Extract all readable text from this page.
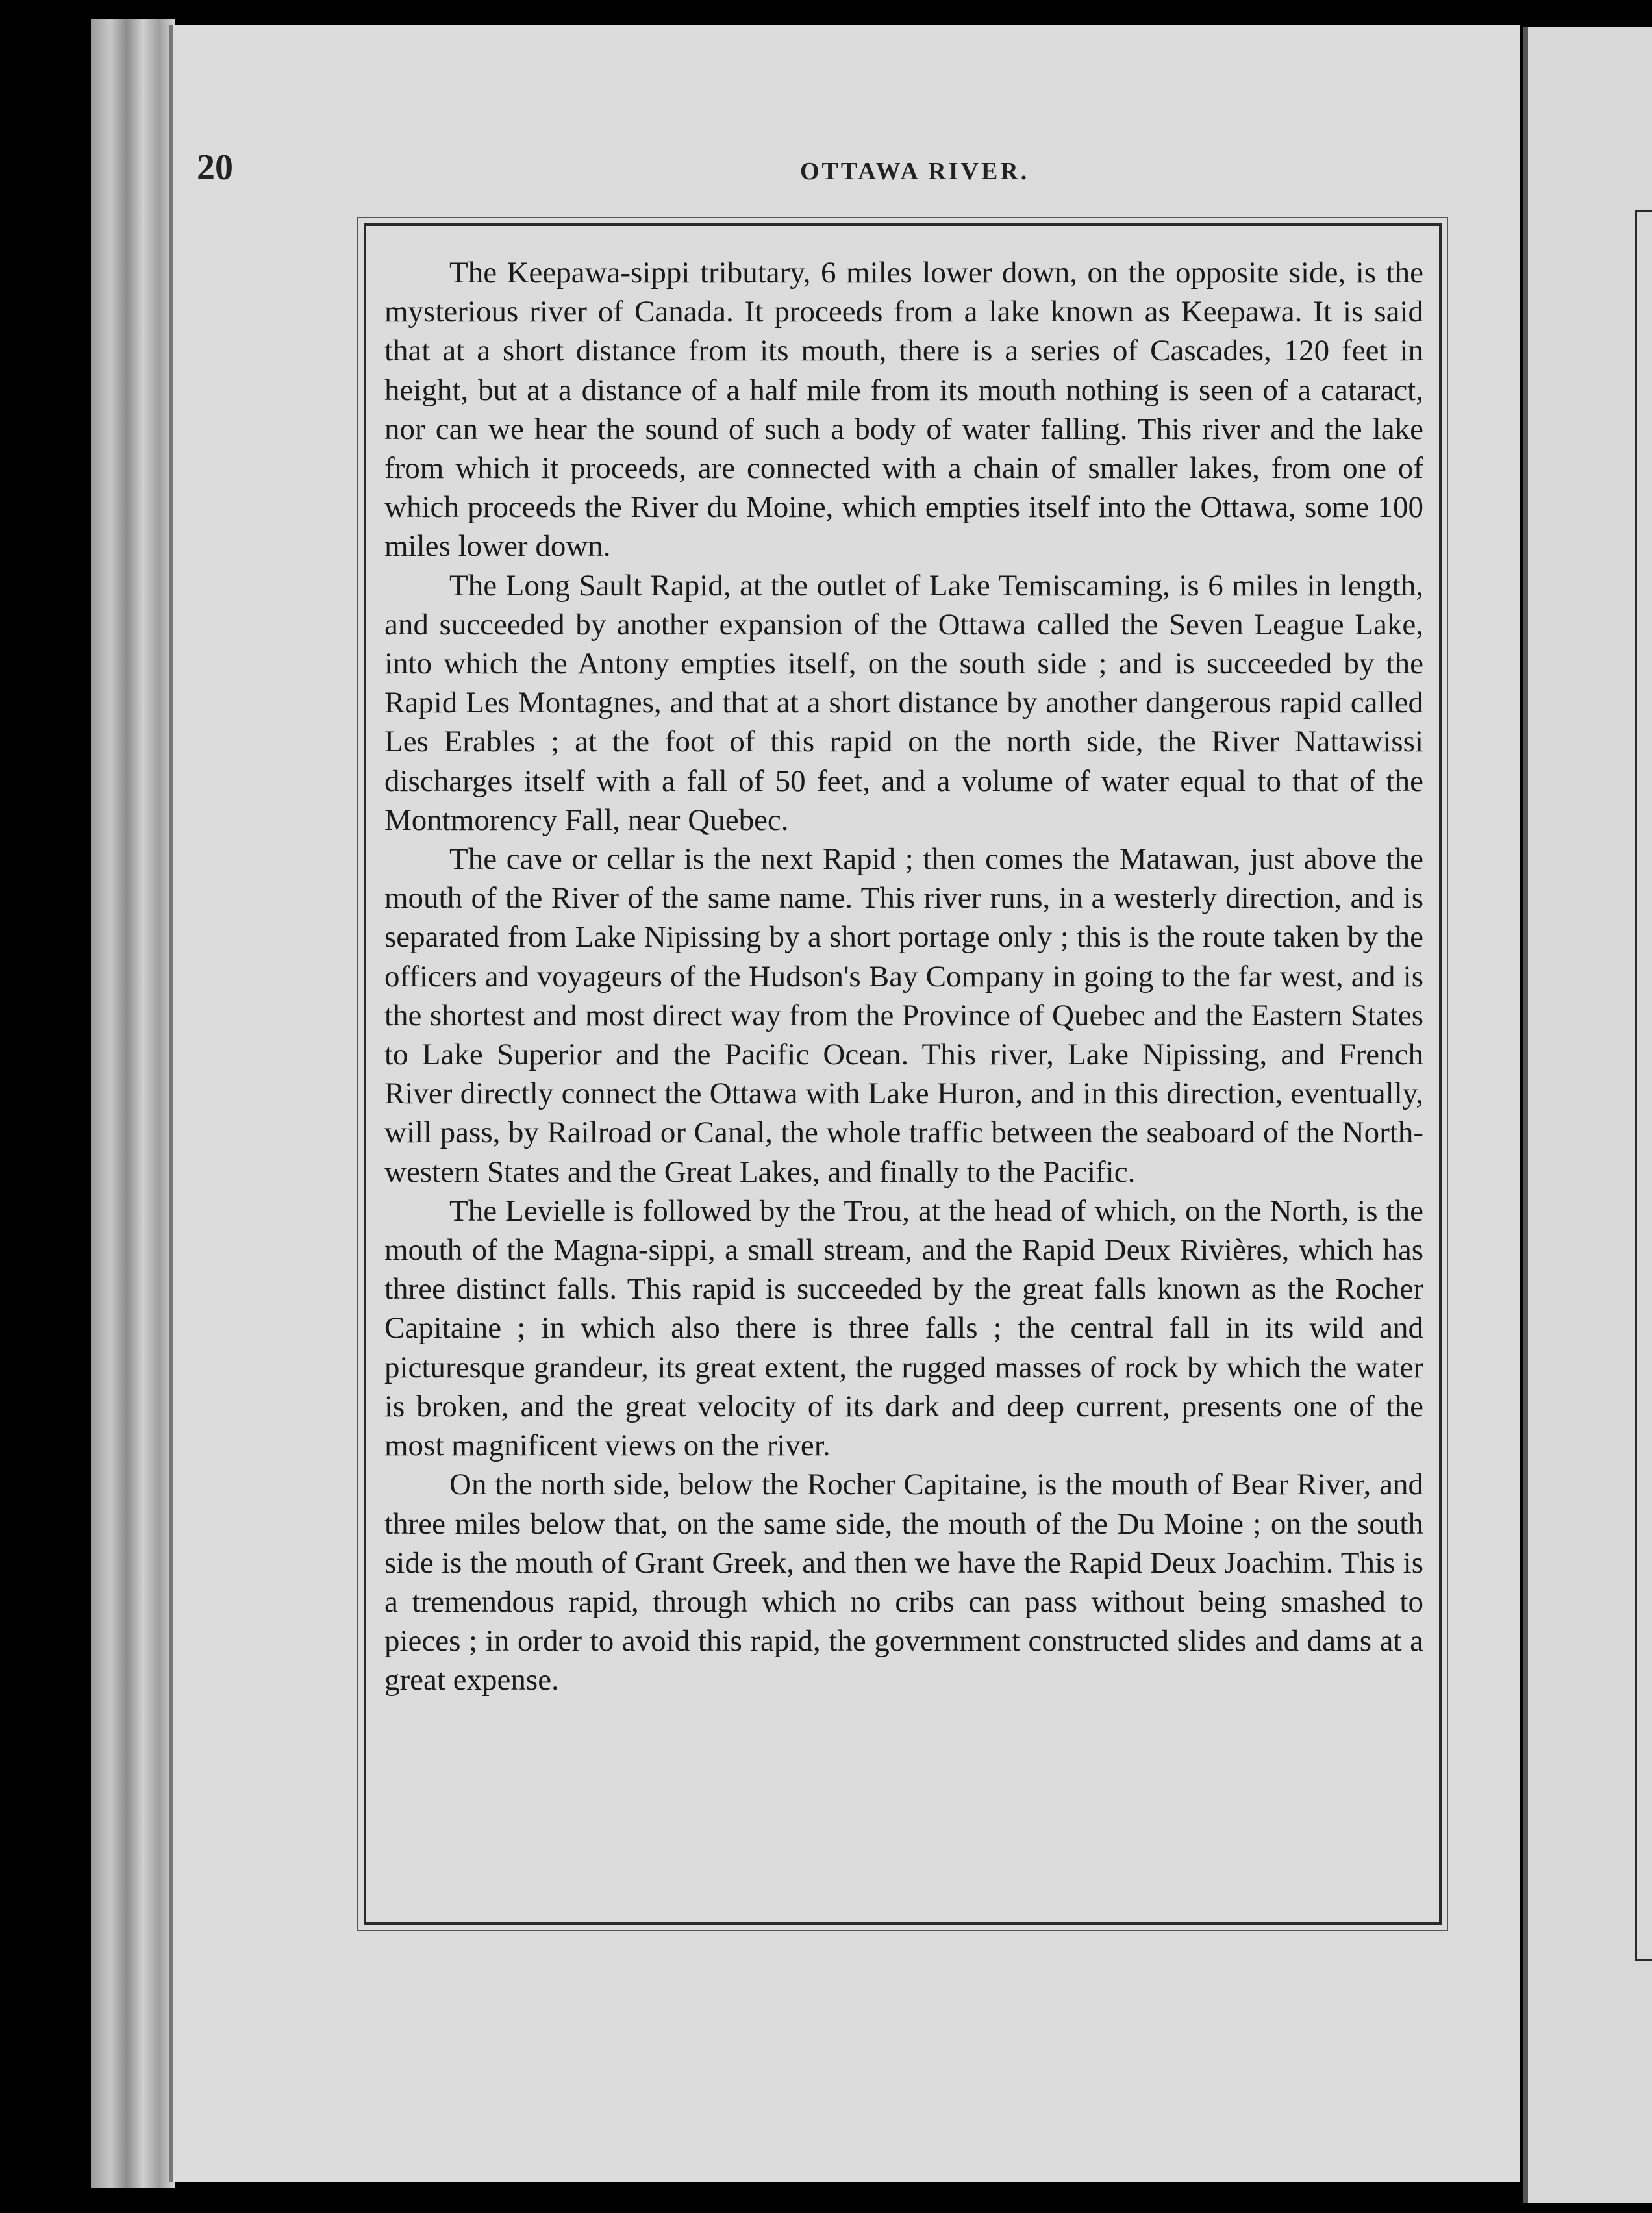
20	OTTAWA RIVER.

The Keepawa-sippi tributary, 6 miles lower down, on the opposite side, is the mysterious river of Canada. It proceeds from a lake known as Keepawa. It is said that at a short distance from its mouth, there is a series of Cascades, 120 feet in height, but at a distance of a half mile from its mouth nothing is seen of a cataract, nor can we hear the sound of such a body of water falling. This river and the lake from which it proceeds, are connected with a chain of smaller lakes, from one of which proceeds the River du Moine, which empties itself into the Ottawa, some 100 miles lower down.

The Long Sault Rapid, at the outlet of Lake Temiscaming, is 6 miles in length, and succeeded by another expansion of the Ottawa called the Seven League Lake, into which the Antony empties itself, on the south side ; and is succeeded by the Rapid Les Montagnes, and that at a short distance by another dangerous rapid called Les Erables ; at the foot of this rapid on the north side, the River Nattawissi discharges itself with a fall of 50 feet, and a volume of water equal to that of the Montmorency Fall, near Quebec.

The cave or cellar is the next Rapid ; then comes the Matawan, just above the mouth of the River of the same name. This river runs, in a westerly direction, and is separated from Lake Nipissing by a short portage only ; this is the route taken by the officers and voyageurs of the Hudson's Bay Company in going to the far west, and is the shortest and most direct way from the Province of Quebec and the Eastern States to Lake Superior and the Pacific Ocean. This river, Lake Nipissing, and French River directly connect the Ottawa with Lake Huron, and in this direction, eventually, will pass, by Railroad or Canal, the whole traffic between the seaboard of the North-western States and the Great Lakes, and finally to the Pacific.

The Levielle is followed by the Trou, at the head of which, on the North, is the mouth of the Magna-sippi, a small stream, and the Rapid Deux Rivières, which has three distinct falls. This rapid is succeeded by the great falls known as the Rocher Capitaine ; in which also there is three falls ; the central fall in its wild and picturesque grandeur, its great extent, the rugged masses of rock by which the water is broken, and the great velocity of its dark and deep current, presents one of the most magnificent views on the river.

On the north side, below the Rocher Capitaine, is the mouth of Bear River, and three miles below that, on the same side, the mouth of the Du Moine ; on the south side is the mouth of Grant Greek, and then we have the Rapid Deux Joachim. This is a tremendous rapid, through which no cribs can pass without being smashed to pieces ; in order to avoid this rapid, the government constructed slides and dams at a great expense.
